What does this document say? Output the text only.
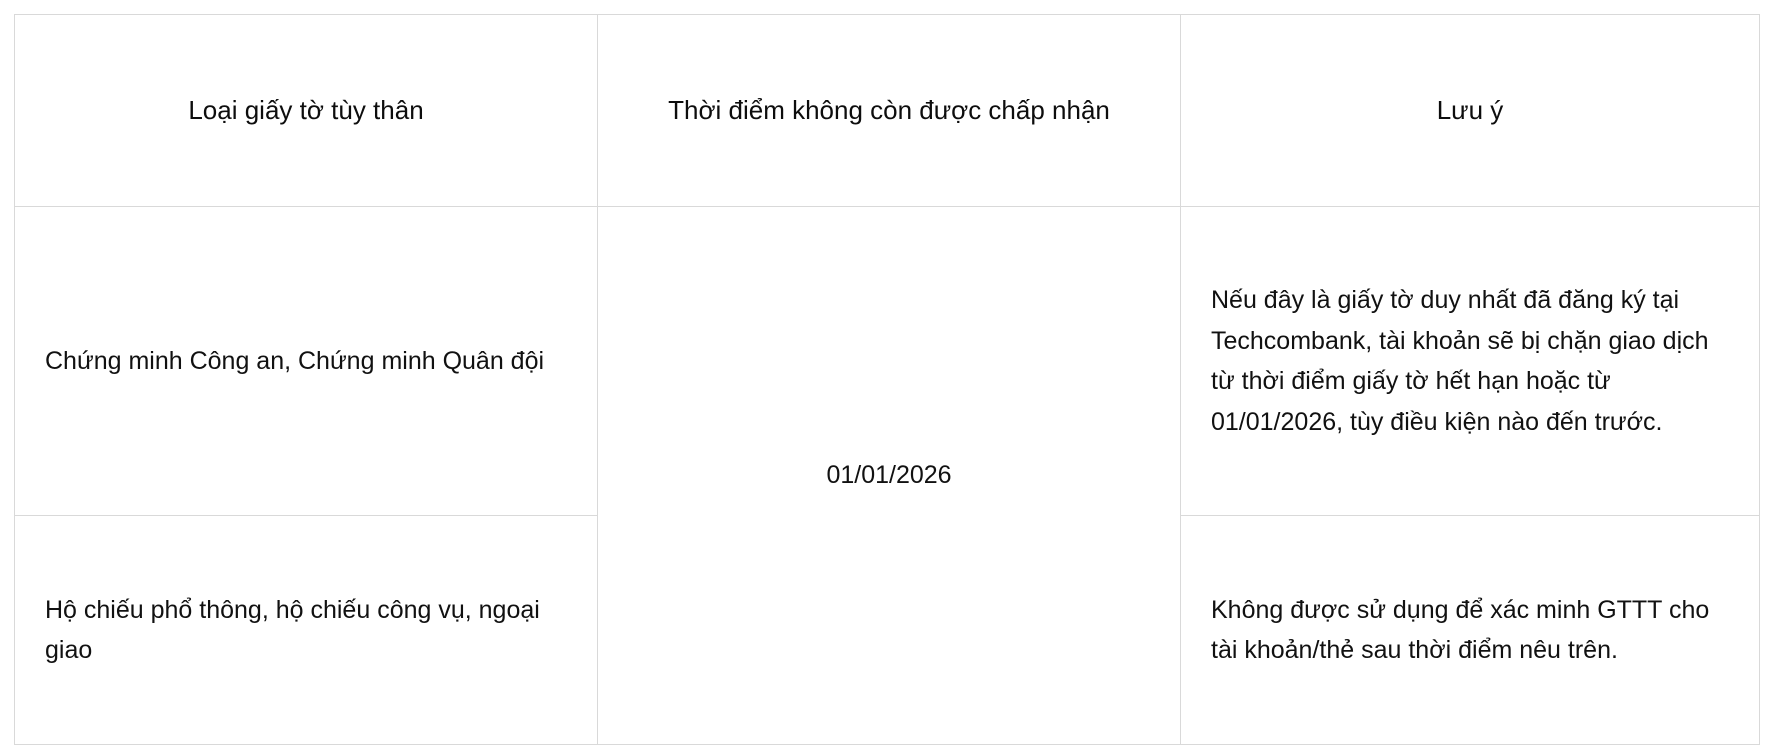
Loại giấy tờ tùy thân	Thời điểm không còn được chấp nhận	Lưu ý
Chứng minh Công an, Chứng minh Quân đội	01/01/2026	Nếu đây là giấy tờ duy nhất đã đăng ký tại Techcombank, tài khoản sẽ bị chặn giao dịch từ thời điểm giấy tờ hết hạn hoặc từ 01/01/2026, tùy điều kiện nào đến trước.
Hộ chiếu phổ thông, hộ chiếu công vụ, ngoại giao		Không được sử dụng để xác minh GTTT cho tài khoản/thẻ sau thời điểm nêu trên.
